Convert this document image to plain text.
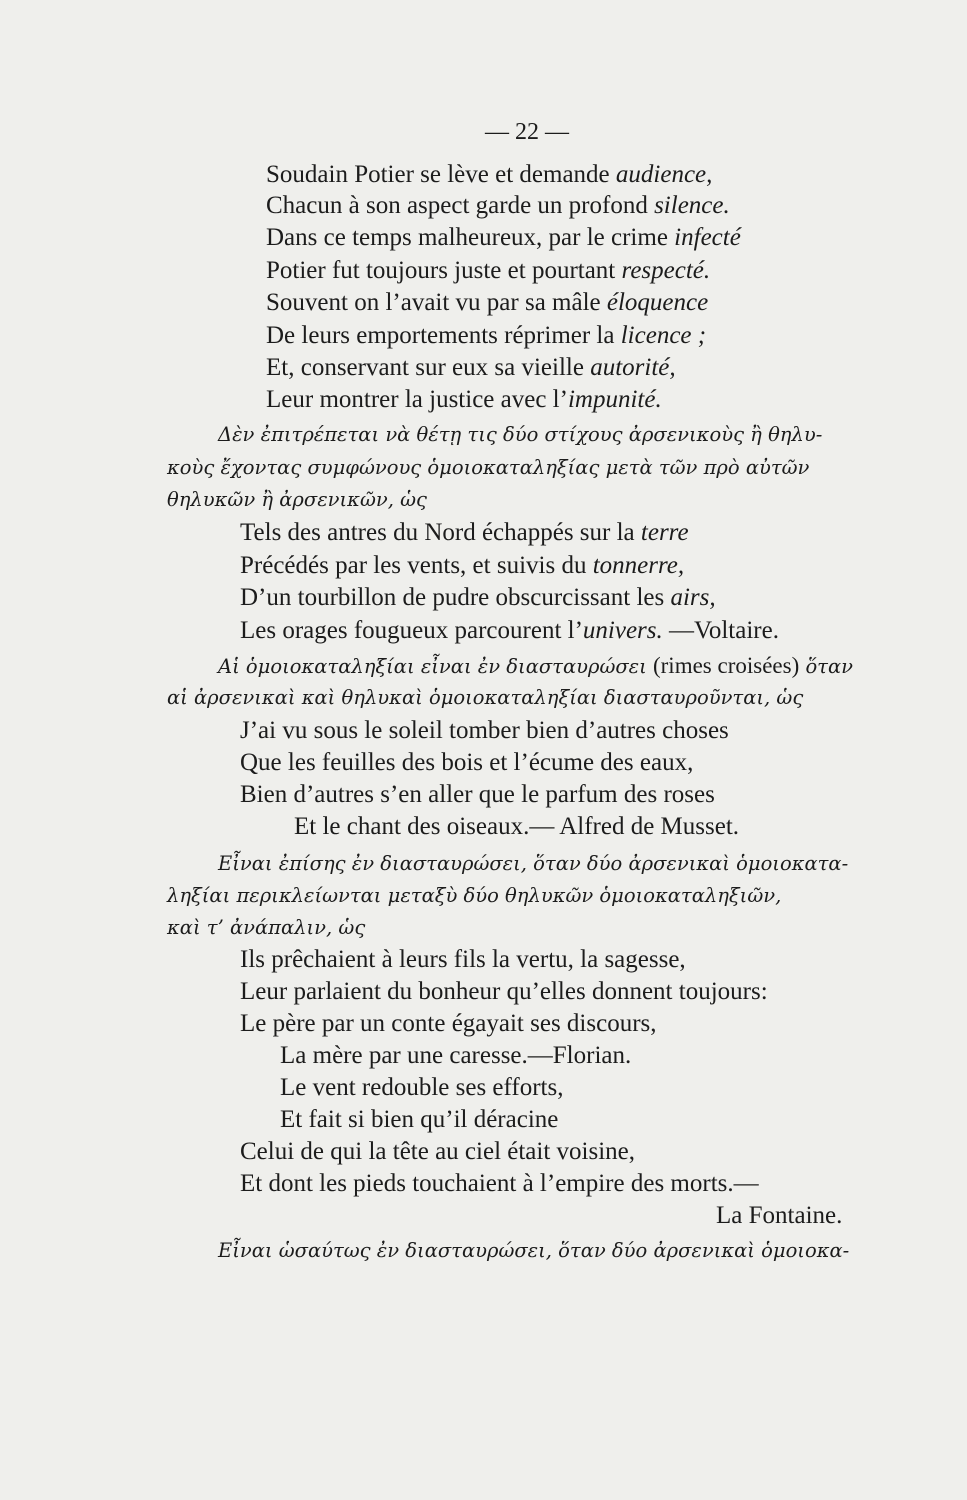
— 22 —
Soudain Potier se lève et demande audience,
Chacun à son aspect garde un profond silence.
Dans ce temps malheureux, par le crime infecté
Potier fut toujours juste et pourtant respecté.
Souvent on l’avait vu par sa mâle éloquence
De leurs emportements réprimer la licence ;
Et, conservant sur eux sa vieille autorité,
Leur montrer la justice avec l’impunité.
Δὲν ἐπιτρέπεται νὰ θέτῃ τις δύο στίχους ἀρσενικοὺς ἢ θηλυ-
κοὺς ἔχοντας συμφώνους ὁμοιοκαταληξίας μετὰ τῶν πρὸ αὐτῶν
θηλυκῶν ἢ ἀρσενικῶν, ὡς
Tels des antres du Nord échappés sur la terre
Précédés par les vents, et suivis du tonnerre,
D’un tourbillon de pudre obscurcissant les airs,
Les orages fougueux parcourent l’univers. —Voltaire.
Αἱ ὁμοιοκαταληξίαι εἶναι ἐν διασταυρώσει (rimes croisées) ὅταν
αἱ ἀρσενικαὶ καὶ θηλυκαὶ ὁμοιοκαταληξίαι διασταυροῦνται, ὡς
J’ai vu sous le soleil tomber bien d’autres choses
Que les feuilles des bois et l’écume des eaux,
Bien d’autres s’en aller que le parfum des roses
Et le chant des oiseaux.— Alfred de Musset.
Εἶναι ἐπίσης ἐν διασταυρώσει, ὅταν δύο ἀρσενικαὶ ὁμοιοκατα-
ληξίαι περικλείωνται μεταξὺ δύο θηλυκῶν ὁμοιοκαταληξιῶν,
καὶ τ’ ἀνάπαλιν, ὡς
Ils prêchaient à leurs fils la vertu, la sagesse,
Leur parlaient du bonheur qu’elles donnent toujours:
Le père par un conte égayait ses discours,
La mère par une caresse.—Florian.
Le vent redouble ses efforts,
Et fait si bien qu’il déracine
Celui de qui la tête au ciel était voisine,
Et dont les pieds touchaient à l’empire des morts.—
La Fontaine.
Εἶναι ὡσαύτως ἐν διασταυρώσει, ὅταν δύο ἀρσενικαὶ ὁμοιοκα-
